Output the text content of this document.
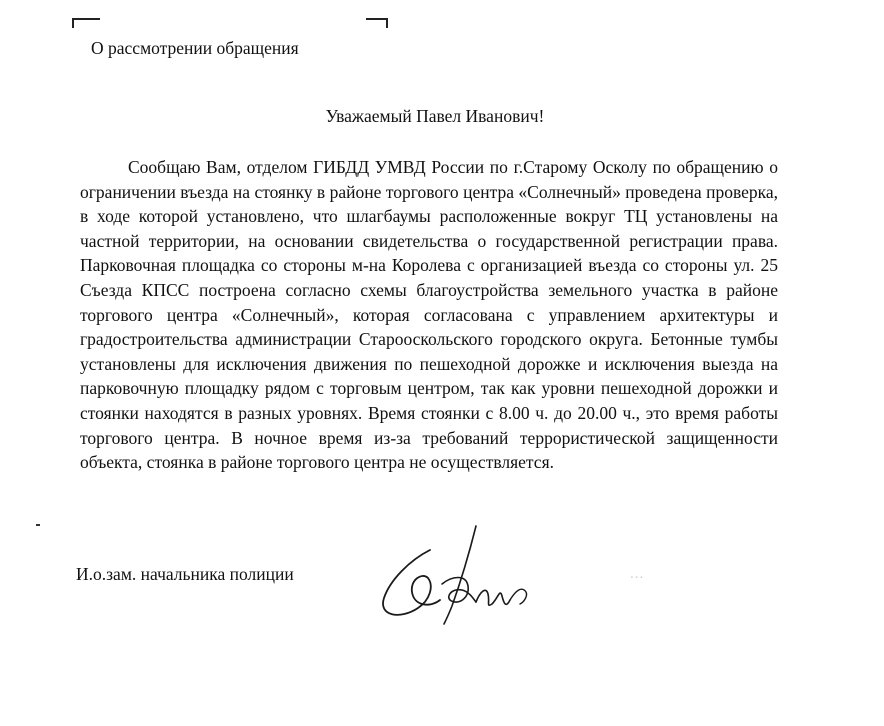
О рассмотрении обращения
Уважаемый Павел Иванович!

Сообщаю Вам, отделом ГИБДД УМВД России по г.Старому Осколу по обращению о ограничении въезда на стоянку в районе торгового центра «Солнечный» проведена проверка, в ходе которой установлено, что шлагбаумы расположенные вокруг ТЦ установлены на частной территории, на основании свидетельства о государственной регистрации права. Парковочная площадка со стороны м-на Королева с организацией въезда со стороны ул. 25 Съезда КПСС построена согласно схемы благоустройства земельного участка в районе торгового центра «Солнечный», которая согласована с управлением архитектуры и градостроительства администрации Старооскольского городского округа. Бетонные тумбы установлены для исключения движения по пешеходной дорожке и исключения выезда на парковочную площадку рядом с торговым центром, так как уровни пешеходной дорожки и стоянки находятся в разных уровнях. Время стоянки с 8.00 ч. до 20.00 ч., это время работы торгового центра. В ночное время из-за требований террористической защищенности объекта, стоянка в районе торгового центра не осуществляется.

И.о.зам. начальника полиции	...
